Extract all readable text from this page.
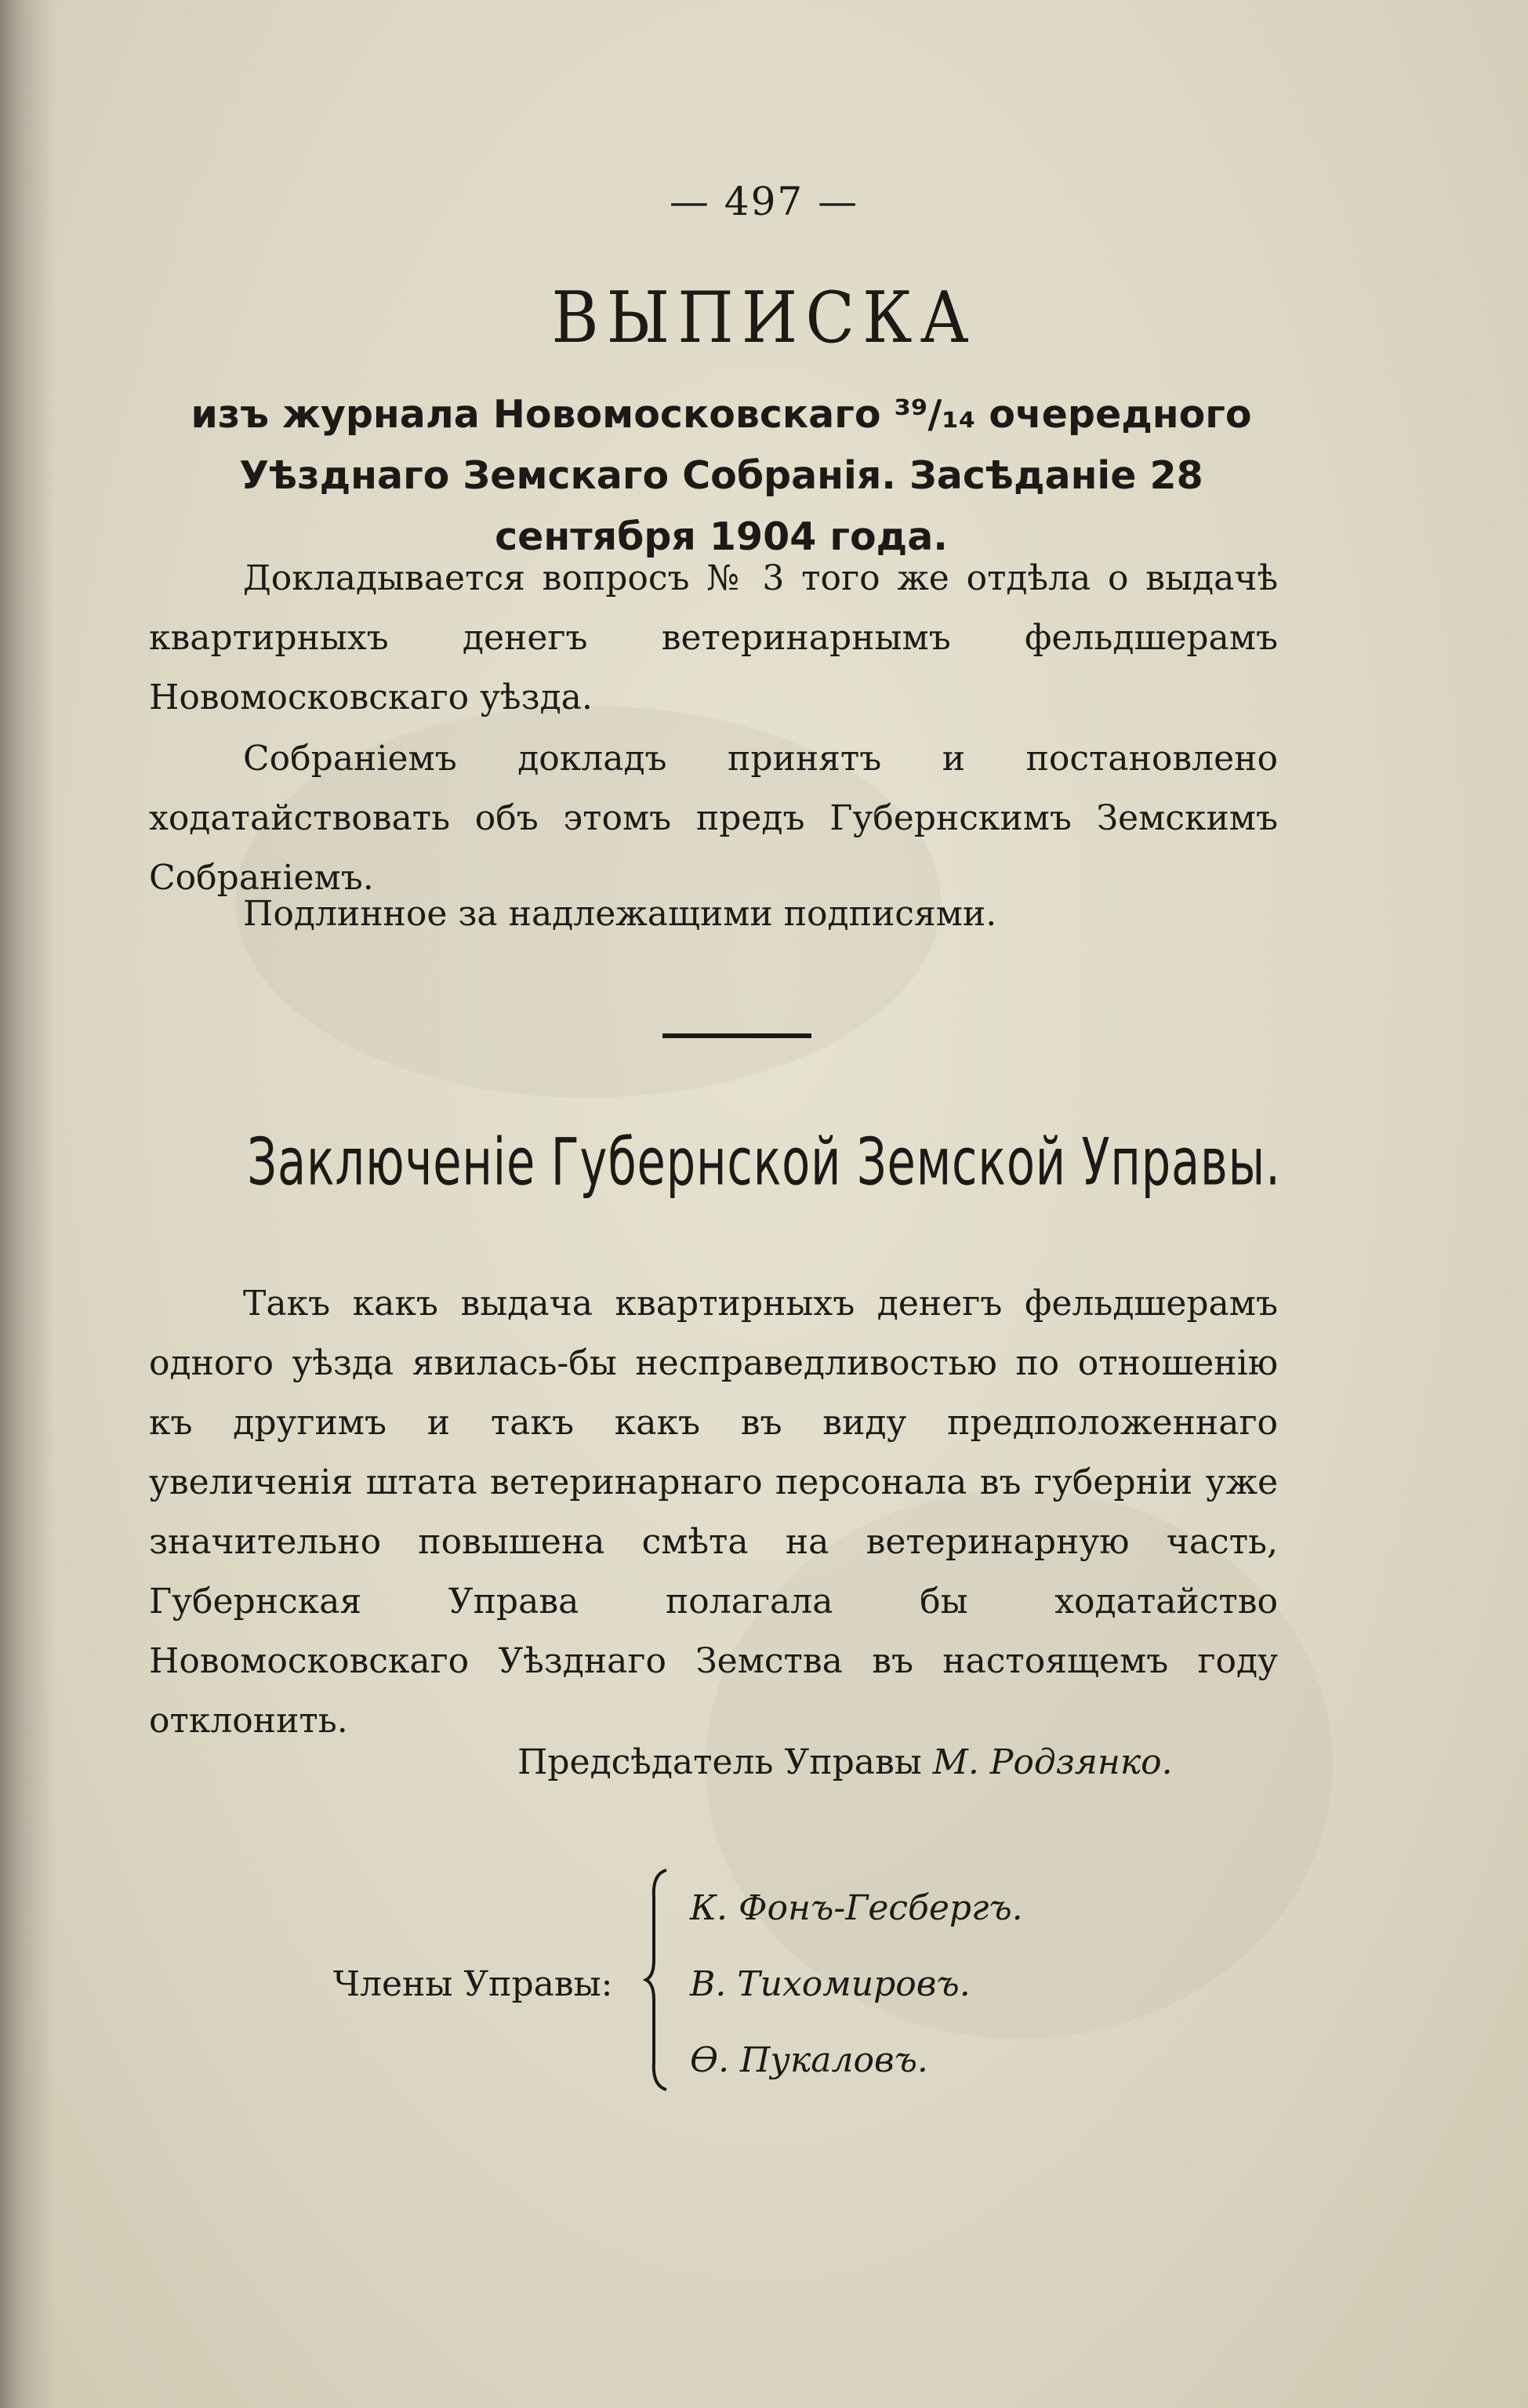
— 497 —
ВЫПИСКА
изъ журнала Новомосковскаго ³⁹/₁₄ очередного Уѣзднаго Земскаго Собранія. Засѣданіе 28 сентября 1904 года.
Докладывается вопросъ № 3 того же отдѣла о выдачѣ квартирныхъ денегъ ветеринарнымъ фельдшерамъ Новомосковскаго уѣзда.
Собраніемъ докладъ принятъ и постановлено ходатайствовать объ этомъ предъ Губернскимъ Земскимъ Собраніемъ.
Подлинное за надлежащими подписями.
Заключеніе Губернской Земской Управы.
Такъ какъ выдача квартирныхъ денегъ фельдшерамъ одного уѣзда явилась-бы несправедливостью по отношенію къ другимъ и такъ какъ въ виду предположеннаго увеличенія штата ветеринарнаго персонала въ губерніи уже значительно повышена смѣта на ветеринарную часть, Губернская Управа полагала бы ходатайство Новомосковскаго Уѣзднаго Земства въ настоящемъ году отклонить.
Предсѣдатель Управы М. Родзянко.
Члены Управы:
К. Фонъ-Гесбергъ.
В. Тихомировъ.
Ѳ. Пукаловъ.
